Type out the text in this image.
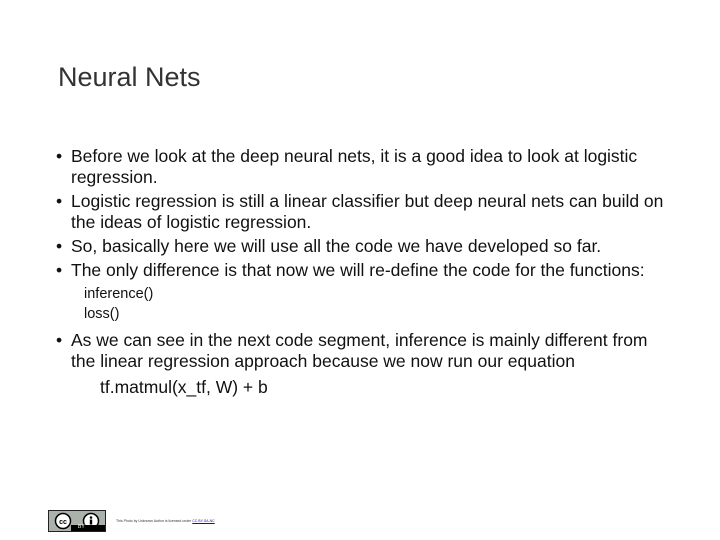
Neural Nets
• Before we look at the deep neural nets, it is a good idea to look at logistic regression.
• Logistic regression is still a linear classifier but deep neural nets can build on the ideas of logistic regression.
• So, basically here we will use all the code we have developed so far.
• The only difference is that now we will re-define the code for the functions:
inference()
loss()
• As we can see in the next code segment, inference is mainly different from the linear regression approach because we now run our equation
tf.matmul(x_tf, W) + b
cc
BY
This Photo by Unknown Author is licensed under CC BY-SA-NC
